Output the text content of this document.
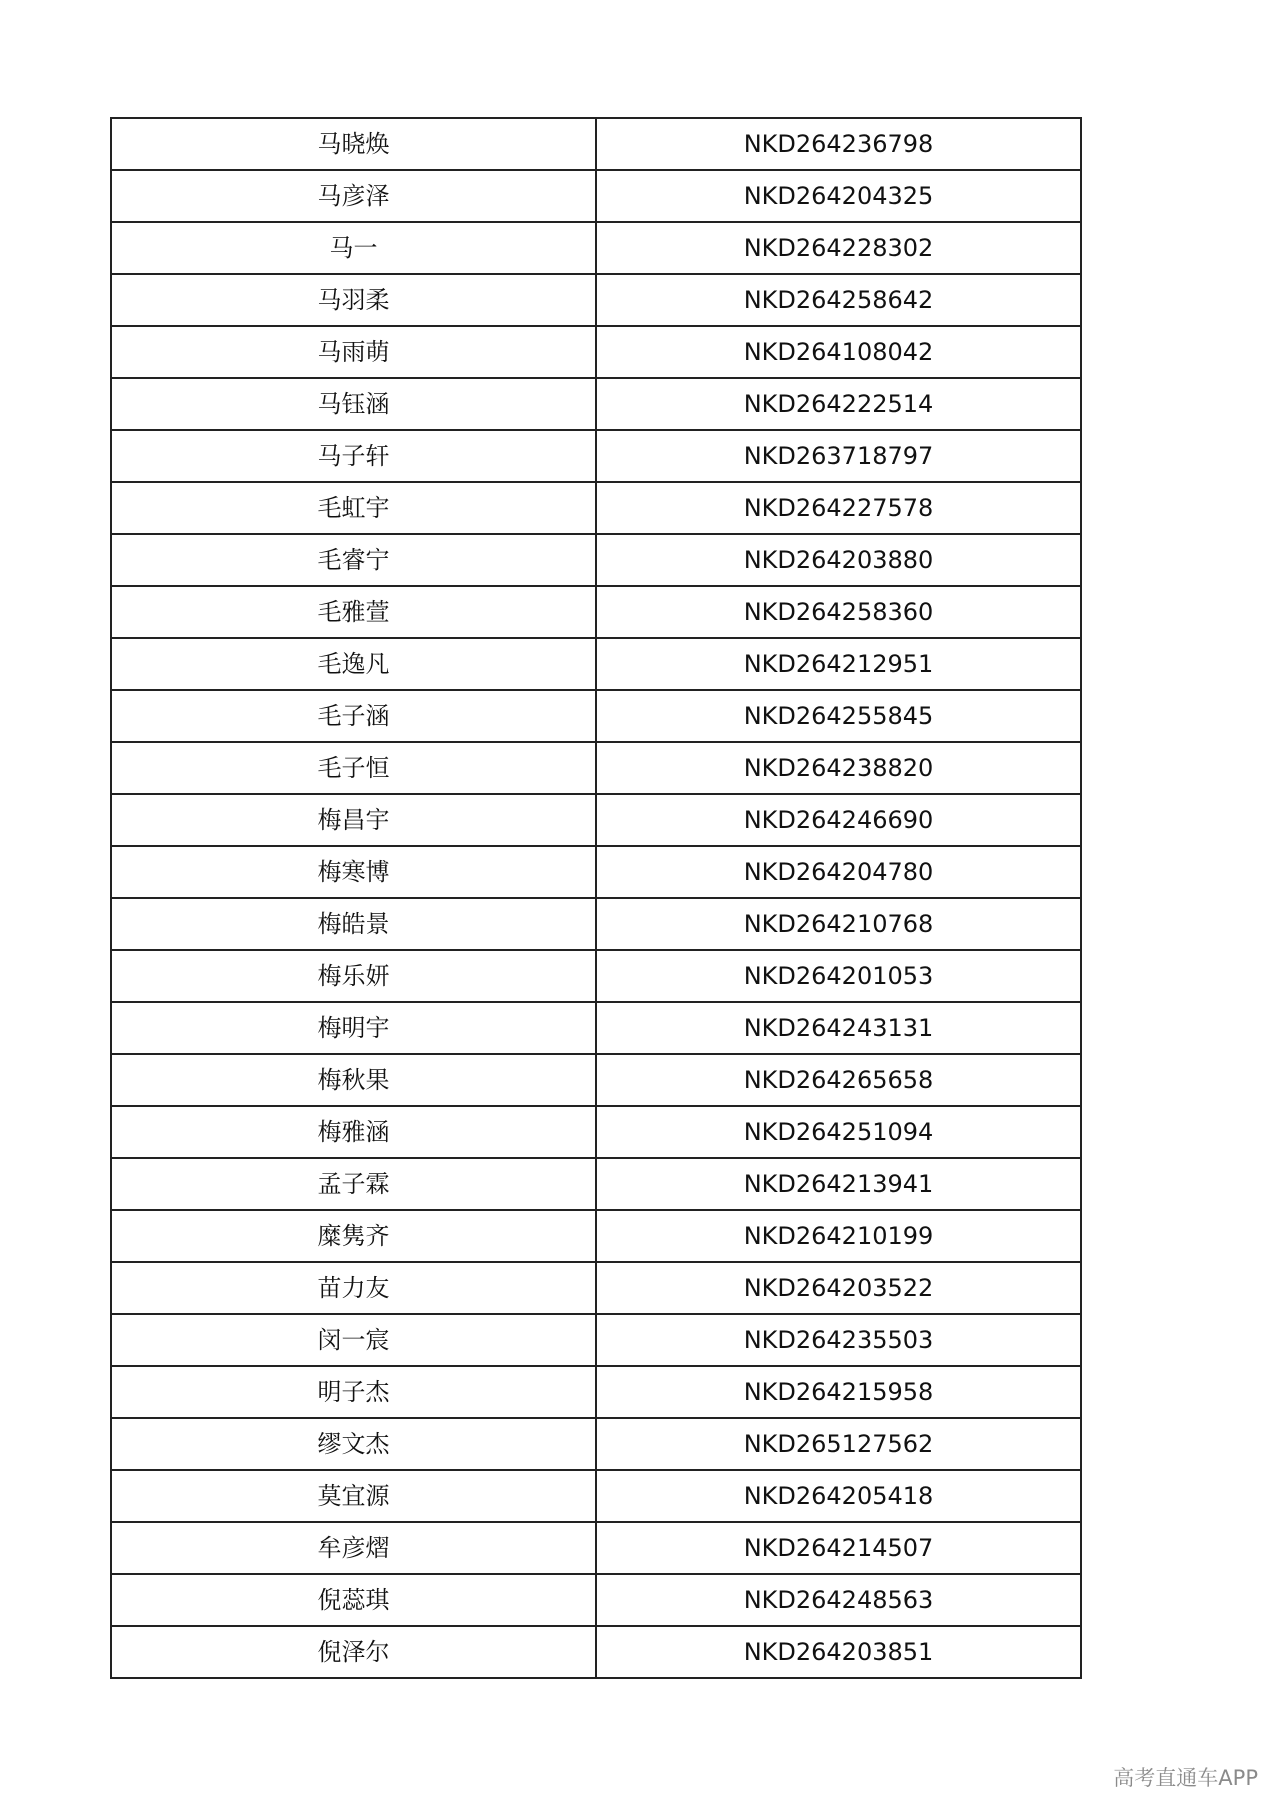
马晓焕	NKD264236798
马彦泽	NKD264204325
马一	NKD264228302
马羽柔	NKD264258642
马雨萌	NKD264108042
马钰涵	NKD264222514
马子轩	NKD263718797
毛虹宇	NKD264227578
毛睿宁	NKD264203880
毛雅萱	NKD264258360
毛逸凡	NKD264212951
毛子涵	NKD264255845
毛子恒	NKD264238820
梅昌宇	NKD264246690
梅寒博	NKD264204780
梅皓景	NKD264210768
梅乐妍	NKD264201053
梅明宇	NKD264243131
梅秋果	NKD264265658
梅雅涵	NKD264251094
孟子霖	NKD264213941
糜隽齐	NKD264210199
苗力友	NKD264203522
闵一宸	NKD264235503
明子杰	NKD264215958
缪文杰	NKD265127562
莫宜源	NKD264205418
牟彦熠	NKD264214507
倪蕊琪	NKD264248563
倪泽尔	NKD264203851
高考直通车APP
